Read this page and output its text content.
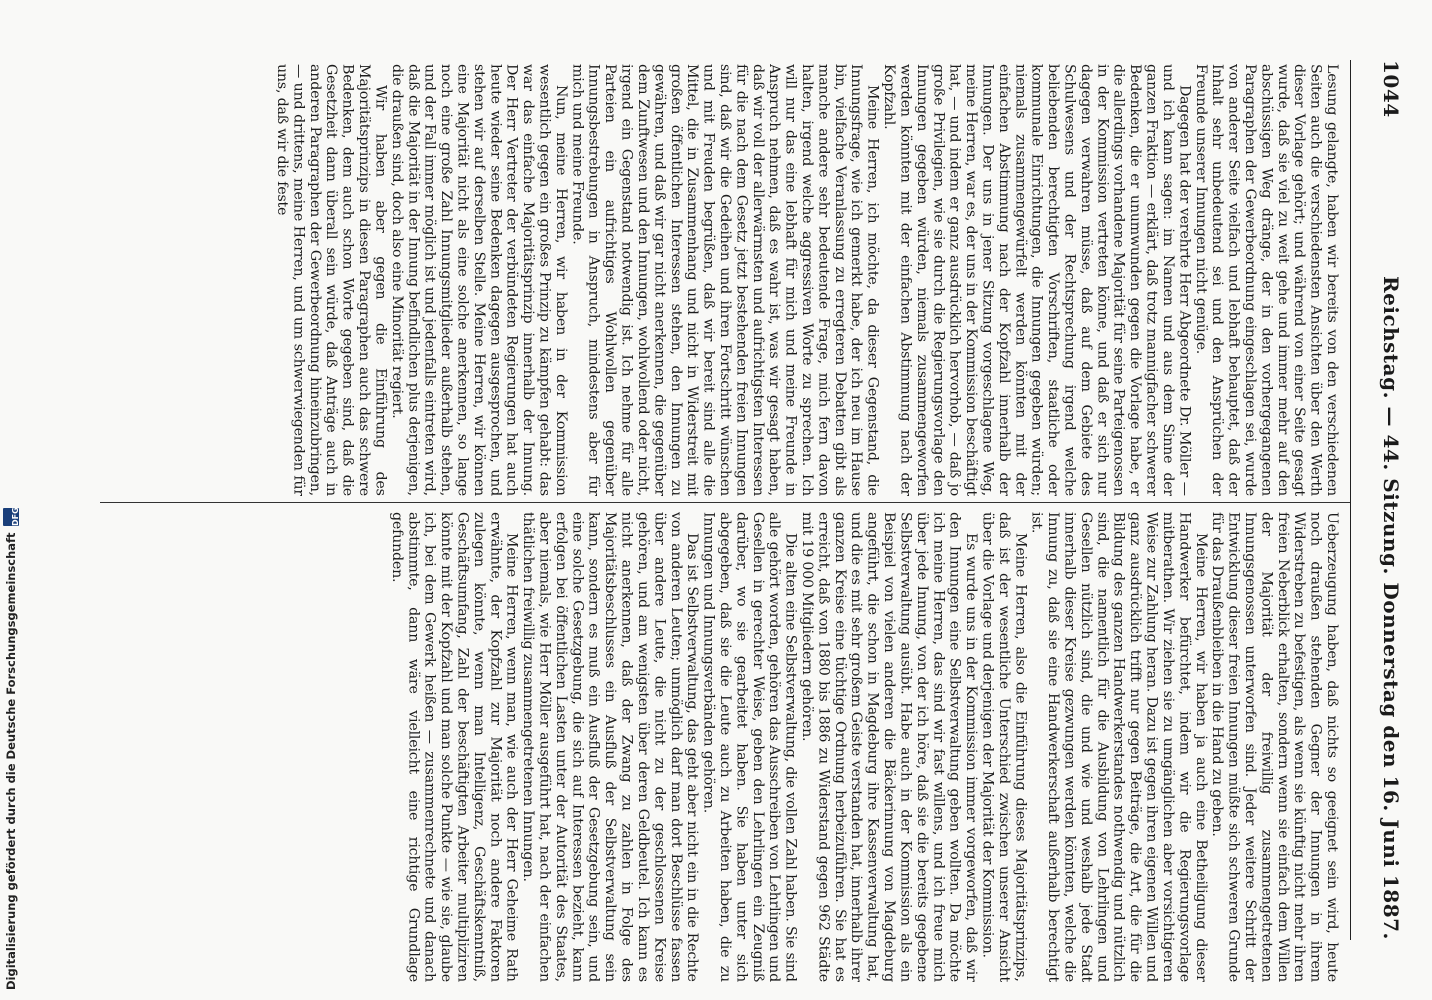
Digitalisierung gefördert durch die Deutsche Forschungsgemeinschaft
DFG
1044
Reichstag. — 44. Sitzung. Donnerstag den 16. Juni 1887.

Lesung gelangte, haben wir bereits von den verschiedenen Seiten auch die verschiedensten Ansichten über den Werth dieser Vorlage gehört; und während von einer Seite gesagt wurde, daß sie viel zu weit gehe und immer mehr auf den abschüssigen Weg dränge, der in den vorhergegangenen Paragraphen der Gewerbeordnung eingeschlagen sei, wurde von anderer Seite vielfach und lebhaft behauptet, daß der Inhalt sehr unbedeutend sei und den Ansprüchen der Freunde unserer Innungen nicht genüge.

Dagegen hat der verehrte Herr Abgeordnete Dr. Möller — und ich kann sagen: im Namen und aus dem Sinne der ganzen Fraktion — erklärt, daß trotz mannigfacher schwerer Bedenken, die er unumwunden gegen die Vorlage habe, er die allerdings vorhandene Majorität für seine Parteigenossen in der Kommission vertreten könne, und daß er sich nur dagegen verwahren müsse, daß auf dem Gebiete des Schulwesens und der Rechtsprechung irgend welche beliebenden berechtigten Vorschriften, staatliche oder kommunale Einrichtungen, die Innungen gegeben würden; niemals zusammengewürfelt werden könnten mit der einfachen Abstimmung nach der Kopfzahl innerhalb der Innungen. Der uns in jener Sitzung vorgeschlagene Weg, meine Herren, war es, der uns in der Kommission beschäftigt hat, — und indem er ganz ausdrücklich hervorhob, — daß jo große Privilegien, wie sie durch die Regierungsvorlage den Innungen gegeben würden, niemals zusammengeworfen werden könnten mit der einfachen Abstimmung nach der Kopfzahl.

Meine Herren, ich möchte, da dieser Gegenstand, die Innungsfrage, wie ich gemerkt habe, der ich neu im Hause bin, vielfache Veranlassung zu erregteren Debatten gibt als manche andere sehr bedeutende Frage, mich fern davon halten, irgend welche aggressiven Worte zu sprechen. Ich will nur das eine lebhaft für mich und meine Freunde in Anspruch nehmen, daß es wahr ist, was wir gesagt haben, daß wir voll der allerwärmsten und aufrichtigsten Interessen für die nach dem Gesetz jetzt bestehenden freien Innungen sind, daß wir die Gedeihen und ihren Fortschritt wünschen und mit Freuden begrüßen, daß wir bereit sind alle die Mittel, die in Zusammenhang und nicht in Widerstreit mit großen öffentlichen Interessen stehen, den Innungen zu gewähren, und daß wir gar nicht anerkennen, die gegenüber dem Zunftwesen und den Innungen, wohlwollend oder nicht, irgend ein Gegenstand notwendig ist. Ich nehme für alle Parteien ein aufrichtiges Wohlwollen gegenüber Innungsbestrebungen in Anspruch, mindestens aber für mich und meine Freunde.

Nun, meine Herren, wir haben in der Kommission wesentlich gegen ein großes Prinzip zu kämpfen gehabt: das war das einfache Majoritätsprinzip innerhalb der Innung. Der Herr Vertreter der verbündeten Regierungen hat auch heute wieder seine Bedenken dagegen ausgesprochen, und stehen wir auf derselben Stelle. Meine Herren, wir können eine Majorität nicht als eine solche anerkennen, so lange noch eine große Zahl Innungsmitglieder außerhalb stehen, und der Fall immer möglich ist und jedenfalls eintreten wird, daß die Majorität in der Innung befindlichen plus derjenigen, die draußen sind, doch also eine Minorität regiert.

Wir haben aber gegen die Einführung des Majoritätsprinzips in diesen Paragraphen auch das schwere Bedenken, dem auch schon Worte gegeben sind, daß die Gesetzheit dann überall sein würde, daß Anträge auch in anderen Paragraphen der Gewerbeordnung hineinzubringen, — und drittens, meine Herren, und um schwerwiegenden für uns, daß wir die feste

Ueberzeugung haben, daß nichts so geeignet sein wird, heute noch draußen stehenden Gegner der Innungen in ihrem Widerstreben zu befestigen, als wenn sie künftig nicht mehr ihren freien Neberblick erhalten, sondern wenn sie einfach dem Willen der Majorität der freiwillig zusammengetretenen Innungsgenossen unterworfen sind. Jeder weitere Schritt der Entwicklung dieser freien Innungen müßte sich schweren Grunde für das Draußenbleiben in die Hand zu geben.

Meine Herren, wir haben ja auch eine Betheiligung dieser Handwerker befürchtet, indem wir die Regierungsvorlage mitberathen. Wir ziehen sie zu umgänglichen aber vorsichtigeren Weise zur Zahlung heran. Dazu ist gegen ihren eigenen Willen und ganz ausdrücklich trifft nur gegen Beiträge, die Art, die für die Bildung des ganzen Handwerkerstandes nothwendig und nützlich sind, die namentlich für die Ausbildung von Lehrlingen und Gesellen nützlich sind, die und wie und weshalb jede Stadt innerhalb dieser Kreise gezwungen werden könnten, welche die Innung zu, daß sie eine Handwerkerschaft außerhalb berechtigt ist.

Meine Herren, also die Einführung dieses Majoritätsprinzips, daß ist der wesentliche Unterschied zwischen unserer Ansicht über die Vorlage und derjenigen der Majorität der Kommission.

Es wurde uns in der Kommission immer vorgeworfen, daß wir den Innungen eine Selbstverwaltung geben wollten. Da möchte ich meine Herren, das sind wir fast willens, und ich freue mich über jede Innung, von der ich höre, daß sie die bereits gegebene Selbstverwaltung ausübt. Habe auch in der Kommission als ein Beispiel von vielen anderen die Bäckerinnung von Magdeburg angeführt, die schon in Magdeburg ihre Kassenverwaltung hat, und die es mit sehr großem Geiste verstanden hat, innerhalb ihrer ganzen Kreise eine tüchtige Ordnung herbeizuführen. Sie hat es erreicht, daß von 1880 bis 1886 zu Widerstand gegen 962 Städte mit 19 000 Mitgliedern gehören.

Die alten eine Selbstverwaltung, die vollen Zahl haben. Sie sind alle gehört worden, gehören das Ausschreiben von Lehrlingen und Gesellen in gerechter Weise, geben den Lehrlingen ein Zeugniß darüber, wo sie gearbeitet haben. Sie haben unter sich abgegeben, daß sie die Leute auch zu Arbeiten haben, die zu Innungen und Innungsverbänden gehören.

Das ist Selbstverwaltung, das geht aber nicht ein in die Rechte von anderen Leuten; unmöglich darf man dort Beschlüsse fassen über andere Leute, die nicht zu der geschlossenen Kreise gehören, und am wenigsten über deren Geldbeutel. Ich kann es nicht anerkennen, daß der Zwang zu zahlen in Folge des Majoritätsbeschlusses ein Ausfluß der Selbstverwaltung sein kann, sondern es muß ein Ausfluß der Gesetzgebung sein, und eine solche Gesetzgebung, die sich auf Interessen bezieht, kann erfolgen bei öffentlichen Lasten unter der Autorität des Staates, aber niemals, wie Herr Möller ausgeführt hat, nach der einfachen thätlichen freiwillig zusammengetretenen Innungen.

Meine Herren, wenn man, wie auch der Herr Geheime Rath erwähnte, der Kopfzahl zur Majorität noch andere Faktoren zulegen könnte, wenn man Intelligenz, Geschäftskenntniß, Geschäftsumfang, Zahl der beschäftigten Arbeiter multipliziren könnte mit der Kopfzahl und man solche Punkte — wie sie, glaube ich, bei dem Gewerk heißen — zusammenrechnete und danach abstimmte, dann wäre vielleicht eine richtige Grundlage gefunden.
